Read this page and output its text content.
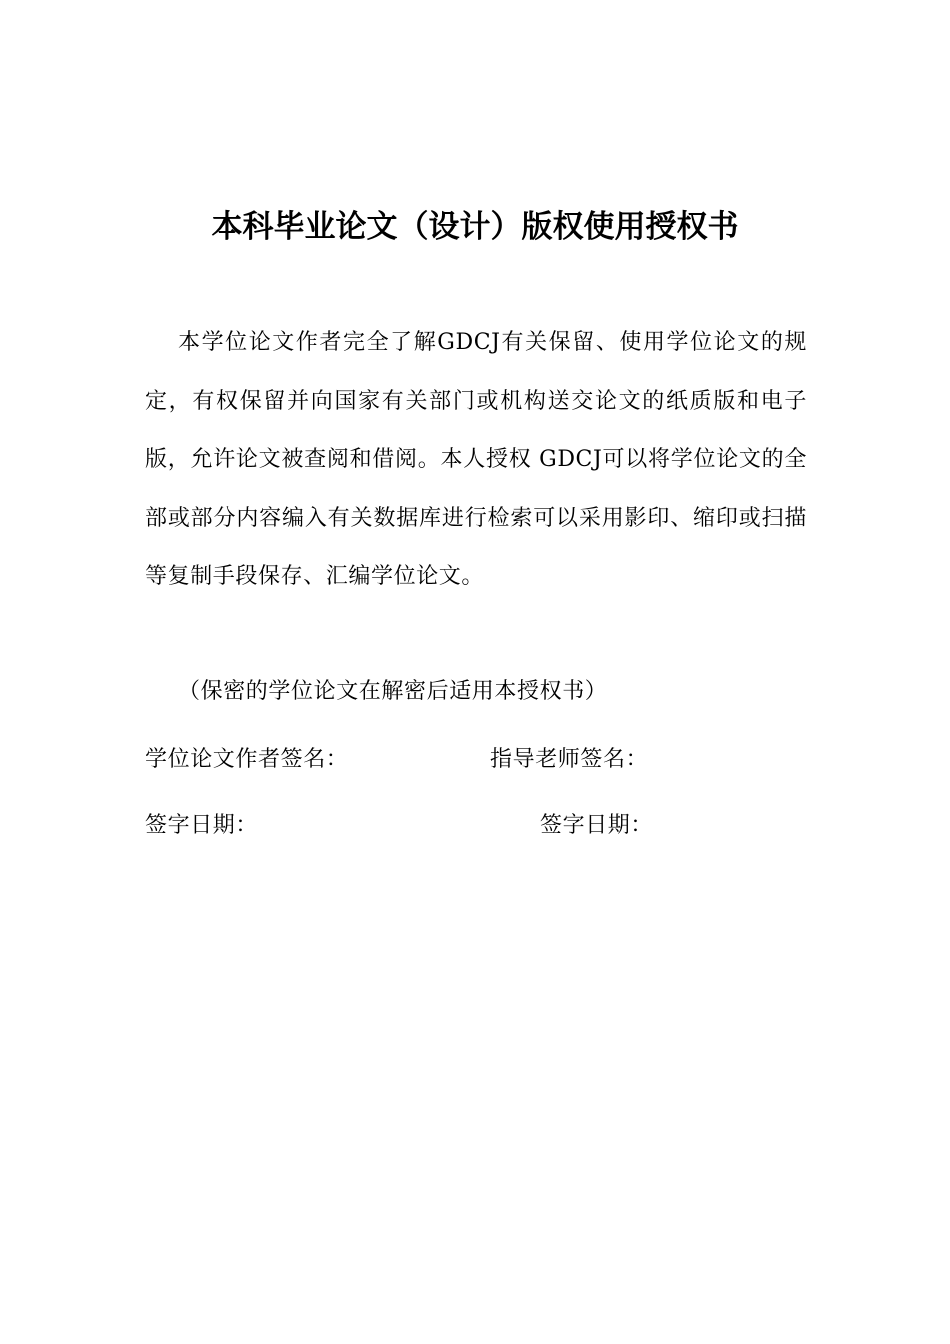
本科毕业论文（设计）版权使用授权书
本学位论文作者完全了解GDCJ有关保留、使用学位论文的规定，有权保留并向国家有关部门或机构送交论文的纸质版和电子版，允许论文被查阅和借阅。本人授权 GDCJ可以将学位论文的全部或部分内容编入有关数据库进行检索可以采用影印、缩印或扫描等复制手段保存、汇编学位论文。
（保密的学位论文在解密后适用本授权书）
学位论文作者签名：	指导老师签名：
签字日期：	签字日期：
